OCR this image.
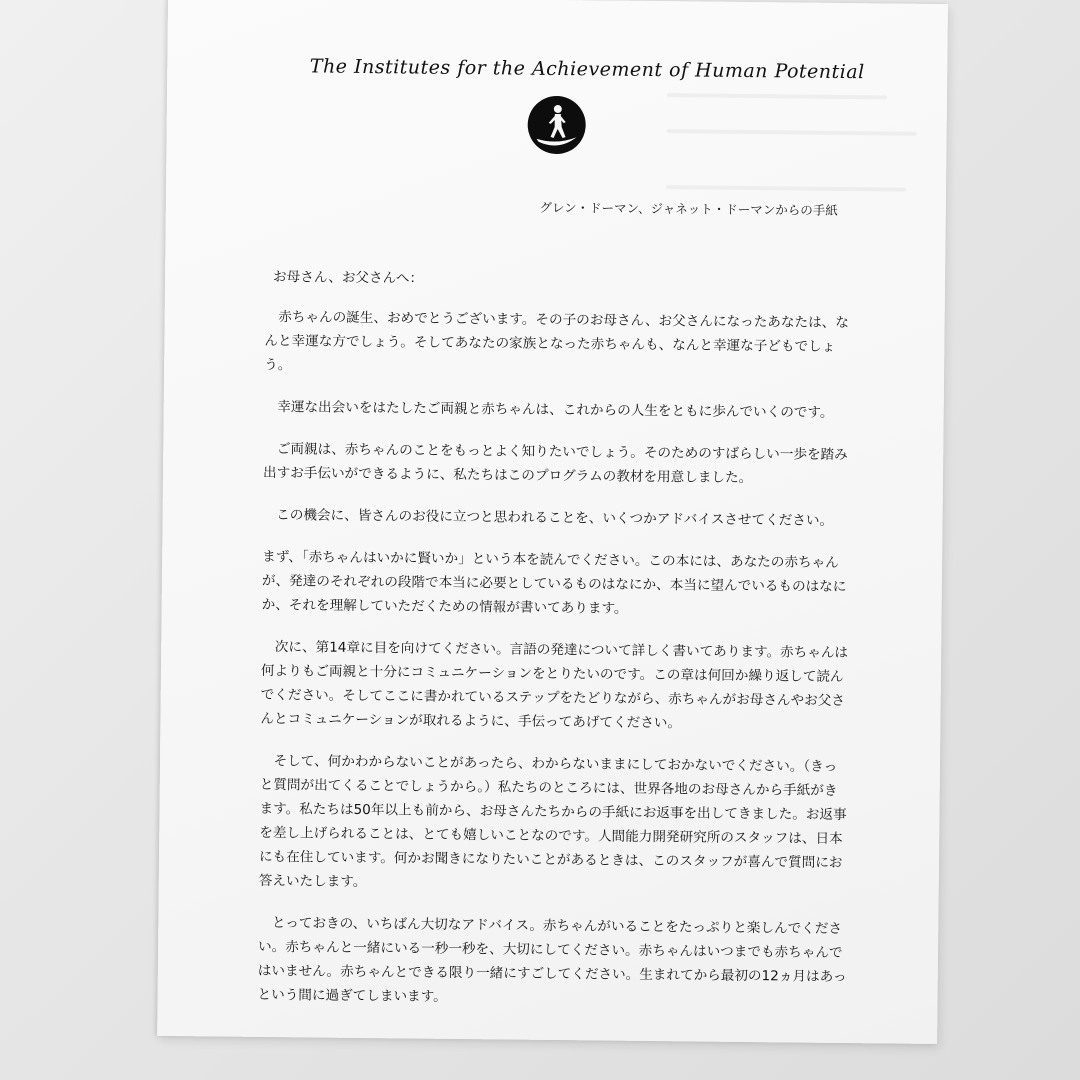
The Institutes for the Achievement of Human Potential
グレン・ドーマン、ジャネット・ドーマンからの手紙
お母さん、お父さんへ：

赤ちゃんの誕生、おめでとうございます。その子のお母さん、お父さんになったあなたは、なんと幸運な方でしょう。そしてあなたの家族となった赤ちゃんも、なんと幸運な子どもでしょう。

幸運な出会いをはたしたご両親と赤ちゃんは、これからの人生をともに歩んでいくのです。

ご両親は、赤ちゃんのことをもっとよく知りたいでしょう。そのためのすばらしい一歩を踏み出すお手伝いができるように、私たちはこのプログラムの教材を用意しました。

この機会に、皆さんのお役に立つと思われることを、いくつかアドバイスさせてください。

まず、「赤ちゃんはいかに賢いか」という本を読んでください。この本には、あなたの赤ちゃんが、発達のそれぞれの段階で本当に必要としているものはなにか、本当に望んでいるものはなにか、それを理解していただくための情報が書いてあります。

次に、第14章に目を向けてください。言語の発達について詳しく書いてあります。赤ちゃんは何よりもご両親と十分にコミュニケーションをとりたいのです。この章は何回か繰り返して読んでください。そしてここに書かれているステップをたどりながら、赤ちゃんがお母さんやお父さんとコミュニケーションが取れるように、手伝ってあげてください。

そして、何かわからないことがあったら、わからないままにしておかないでください。（きっと質問が出てくることでしょうから。）私たちのところには、世界各地のお母さんから手紙がきます。私たちは50年以上も前から、お母さんたちからの手紙にお返事を出してきました。お返事を差し上げられることは、とても嬉しいことなのです。人間能力開発研究所のスタッフは、日本にも在住しています。何かお聞きになりたいことがあるときは、このスタッフが喜んで質問にお答えいたします。

とっておきの、いちばん大切なアドバイス。赤ちゃんがいることをたっぷりと楽しんでください。赤ちゃんと一緒にいる一秒一秒を、大切にしてください。赤ちゃんはいつまでも赤ちゃんではいません。赤ちゃんとできる限り一緒にすごしてください。生まれてから最初の12ヵ月はあっという間に過ぎてしまいます。
